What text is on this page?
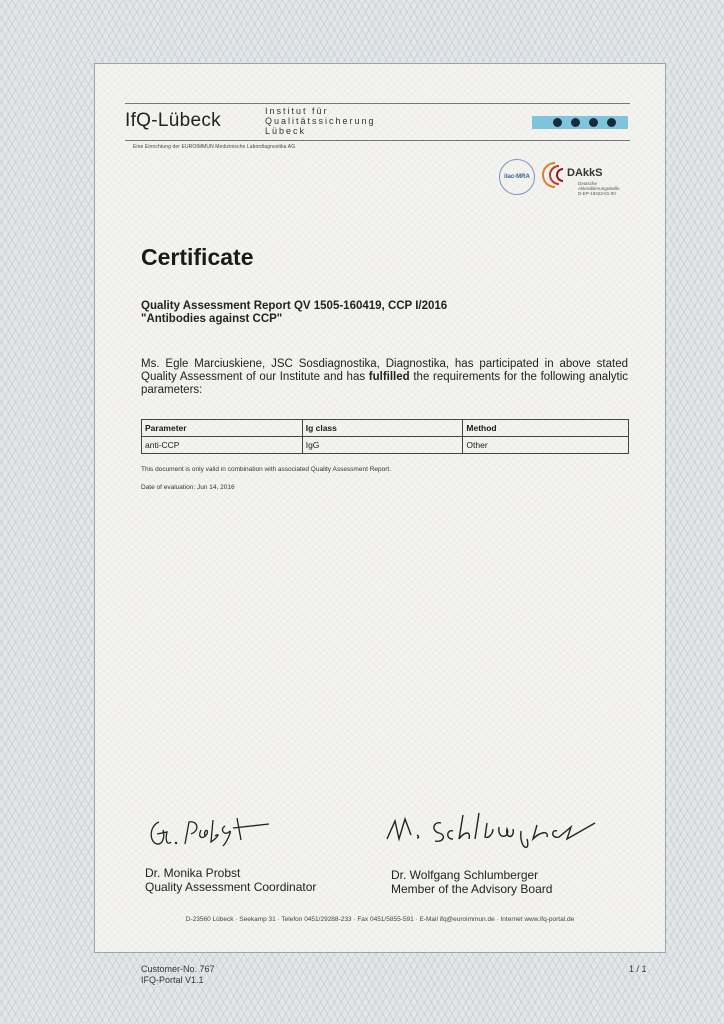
IfQ-Lübeck	Institut für
Qualitätssicherung
Lübeck
Eine Einrichtung der EUROIMMUN Medizinische Labordiagnostika AG
ilac-MRA	DAkkS
Deutsche
Akkreditierungsstelle
D-EP-19423-01-00
Certificate
Quality Assessment Report QV 1505-160419, CCP I/2016
"Antibodies against CCP"
Ms. Egle Marciuskiene, JSC Sosdiagnostika, Diagnostika, has participated in above stated Quality Assessment of our Institute and has fulfilled the requirements for the following analytic parameters:
Parameter	Ig class	Method
anti-CCP	IgG	Other
This document is only valid in combination with associated Quality Assessment Report.
Date of evaluation: Jun 14, 2016
Dr. Monika Probst
Quality Assessment Coordinator
Dr. Wolfgang Schlumberger
Member of the Advisory Board
D-23560 Lübeck · Seekamp 31 · Telefon 0451/29288-233 · Fax 0451/5855-591 · E-Mail ifq@euroimmun.de · Internet www.ifq-portal.de
Customer-No. 767
IFQ-Portal V1.1
1 / 1
